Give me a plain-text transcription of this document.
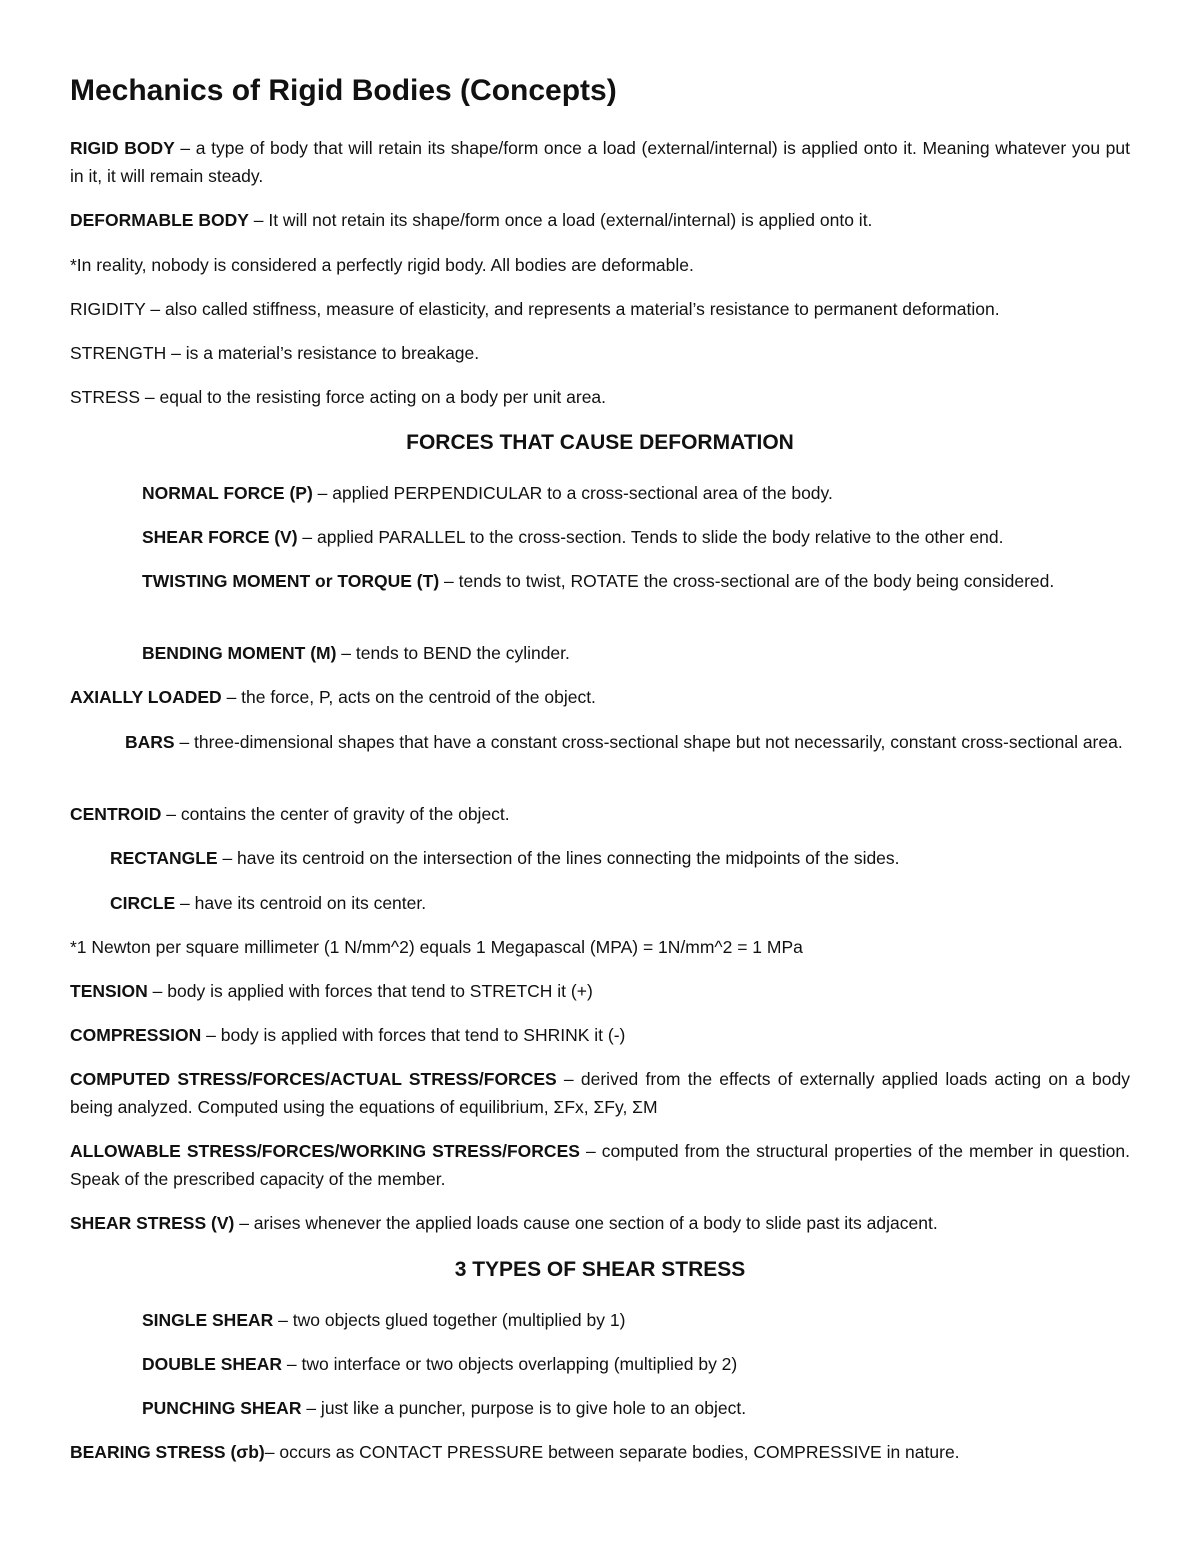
Mechanics of Rigid Bodies (Concepts)

RIGID BODY – a type of body that will retain its shape/form once a load (external/internal) is applied onto it. Meaning whatever you put in it, it will remain steady.

DEFORMABLE BODY – It will not retain its shape/form once a load (external/internal) is applied onto it.

*In reality, nobody is considered a perfectly rigid body. All bodies are deformable.

RIGIDITY – also called stiffness, measure of elasticity, and represents a material’s resistance to permanent deformation.

STRENGTH – is a material’s resistance to breakage.

STRESS – equal to the resisting force acting on a body per unit area.

FORCES THAT CAUSE DEFORMATION

NORMAL FORCE (P) – applied PERPENDICULAR to a cross-sectional area of the body.

SHEAR FORCE (V) – applied PARALLEL to the cross-section. Tends to slide the body relative to the other end.

TWISTING MOMENT or TORQUE (T) – tends to twist, ROTATE the cross-sectional are of the body being considered.

BENDING MOMENT (M) – tends to BEND the cylinder.

AXIALLY LOADED – the force, P, acts on the centroid of the object.

BARS – three-dimensional shapes that have a constant cross-sectional shape but not necessarily, constant cross-sectional area.

CENTROID – contains the center of gravity of the object.

RECTANGLE – have its centroid on the intersection of the lines connecting the midpoints of the sides.

CIRCLE – have its centroid on its center.

*1 Newton per square millimeter (1 N/mm^2) equals 1 Megapascal (MPA) = 1N/mm^2 = 1 MPa

TENSION – body is applied with forces that tend to STRETCH it (+)

COMPRESSION – body is applied with forces that tend to SHRINK it (-)

COMPUTED STRESS/FORCES/ACTUAL STRESS/FORCES – derived from the effects of externally applied loads acting on a body being analyzed. Computed using the equations of equilibrium, ΣFx, ΣFy, ΣM

ALLOWABLE STRESS/FORCES/WORKING STRESS/FORCES – computed from the structural properties of the member in question. Speak of the prescribed capacity of the member.

SHEAR STRESS (V) – arises whenever the applied loads cause one section of a body to slide past its adjacent.

3 TYPES OF SHEAR STRESS

SINGLE SHEAR – two objects glued together (multiplied by 1)

DOUBLE SHEAR – two interface or two objects overlapping (multiplied by 2)

PUNCHING SHEAR – just like a puncher, purpose is to give hole to an object.

BEARING STRESS (σb)– occurs as CONTACT PRESSURE between separate bodies, COMPRESSIVE in nature.
